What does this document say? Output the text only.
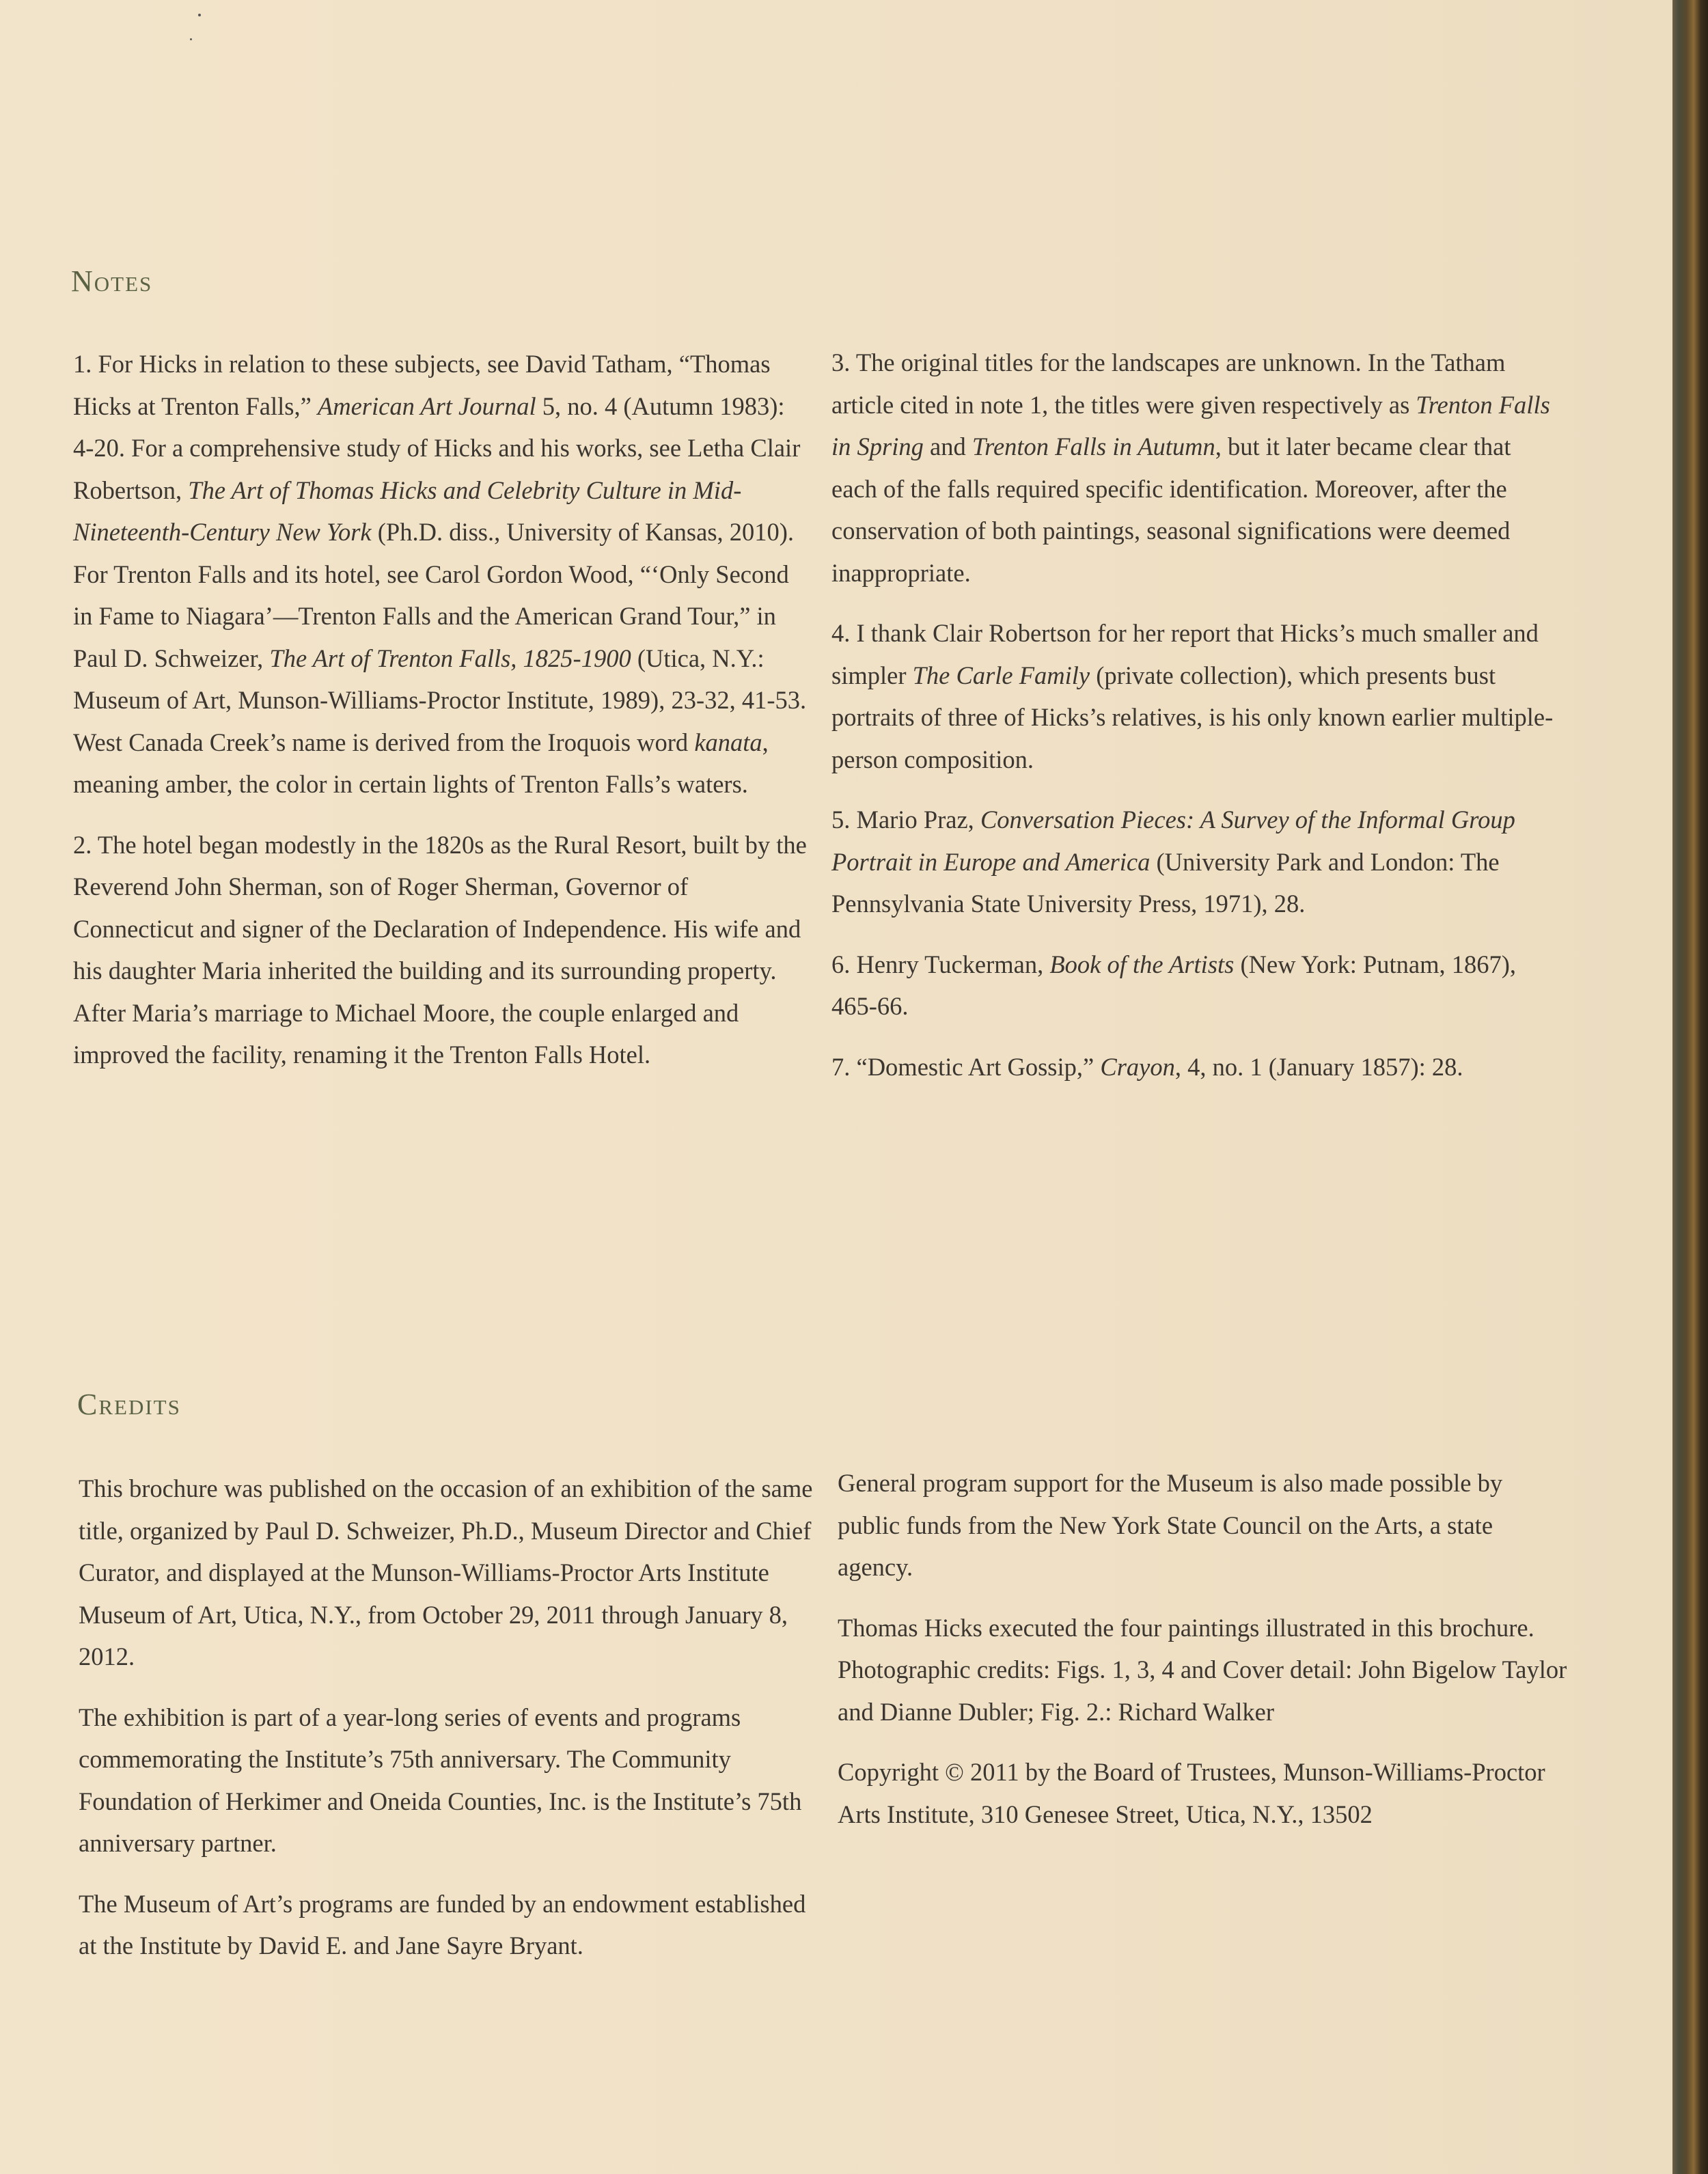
Notes

1. For Hicks in relation to these subjects, see David Tatham, “Thomas Hicks at Trenton Falls,” American Art Journal 5, no. 4 (Autumn 1983): 4-20. For a comprehensive study of Hicks and his works, see Letha Clair Robertson, The Art of Thomas Hicks and Celebrity Culture in Mid-Nineteenth-Century New York (Ph.D. diss., University of Kansas, 2010). For Trenton Falls and its hotel, see Carol Gordon Wood, “‘Only Second in Fame to Niagara’—Trenton Falls and the American Grand Tour,” in Paul D. Schweizer, The Art of Trenton Falls, 1825-1900 (Utica, N.Y.: Museum of Art, Munson-Williams-Proctor Institute, 1989), 23-32, 41-53. West Canada Creek’s name is derived from the Iroquois word kanata, meaning amber, the color in certain lights of Trenton Falls’s waters.

2. The hotel began modestly in the 1820s as the Rural Resort, built by the Reverend John Sherman, son of Roger Sherman, Governor of Connecticut and signer of the Declaration of Independence. His wife and his daughter Maria inherited the building and its surrounding property. After Maria’s marriage to Michael Moore, the couple enlarged and improved the facility, renaming it the Trenton Falls Hotel.

3. The original titles for the landscapes are unknown. In the Tatham article cited in note 1, the titles were given respectively as Trenton Falls in Spring and Trenton Falls in Autumn, but it later became clear that each of the falls required specific identification. Moreover, after the conservation of both paintings, seasonal significations were deemed inappropriate.

4. I thank Clair Robertson for her report that Hicks’s much smaller and simpler The Carle Family (private collection), which presents bust portraits of three of Hicks’s relatives, is his only known earlier multiple-person composition.

5. Mario Praz, Conversation Pieces: A Survey of the Informal Group Portrait in Europe and America (University Park and London: The Pennsylvania State University Press, 1971), 28.

6. Henry Tuckerman, Book of the Artists (New York: Putnam, 1867), 465-66.

7. “Domestic Art Gossip,” Crayon, 4, no. 1 (January 1857): 28.

Credits

This brochure was published on the occasion of an exhibition of the same title, organized by Paul D. Schweizer, Ph.D., Museum Director and Chief Curator, and displayed at the Munson-Williams-Proctor Arts Institute Museum of Art, Utica, N.Y., from October 29, 2011 through January 8, 2012.

The exhibition is part of a year-long series of events and programs commemorating the Institute’s 75th anniversary. The Community Foundation of Herkimer and Oneida Counties, Inc. is the Institute’s 75th anniversary partner.

The Museum of Art’s programs are funded by an endowment established at the Institute by David E. and Jane Sayre Bryant.

General program support for the Museum is also made possible by public funds from the New York State Council on the Arts, a state agency.

Thomas Hicks executed the four paintings illustrated in this brochure. Photographic credits: Figs. 1, 3, 4 and Cover detail: John Bigelow Taylor and Dianne Dubler; Fig. 2.: Richard Walker

Copyright © 2011 by the Board of Trustees, Munson-Williams-Proctor Arts Institute, 310 Genesee Street, Utica, N.Y., 13502
